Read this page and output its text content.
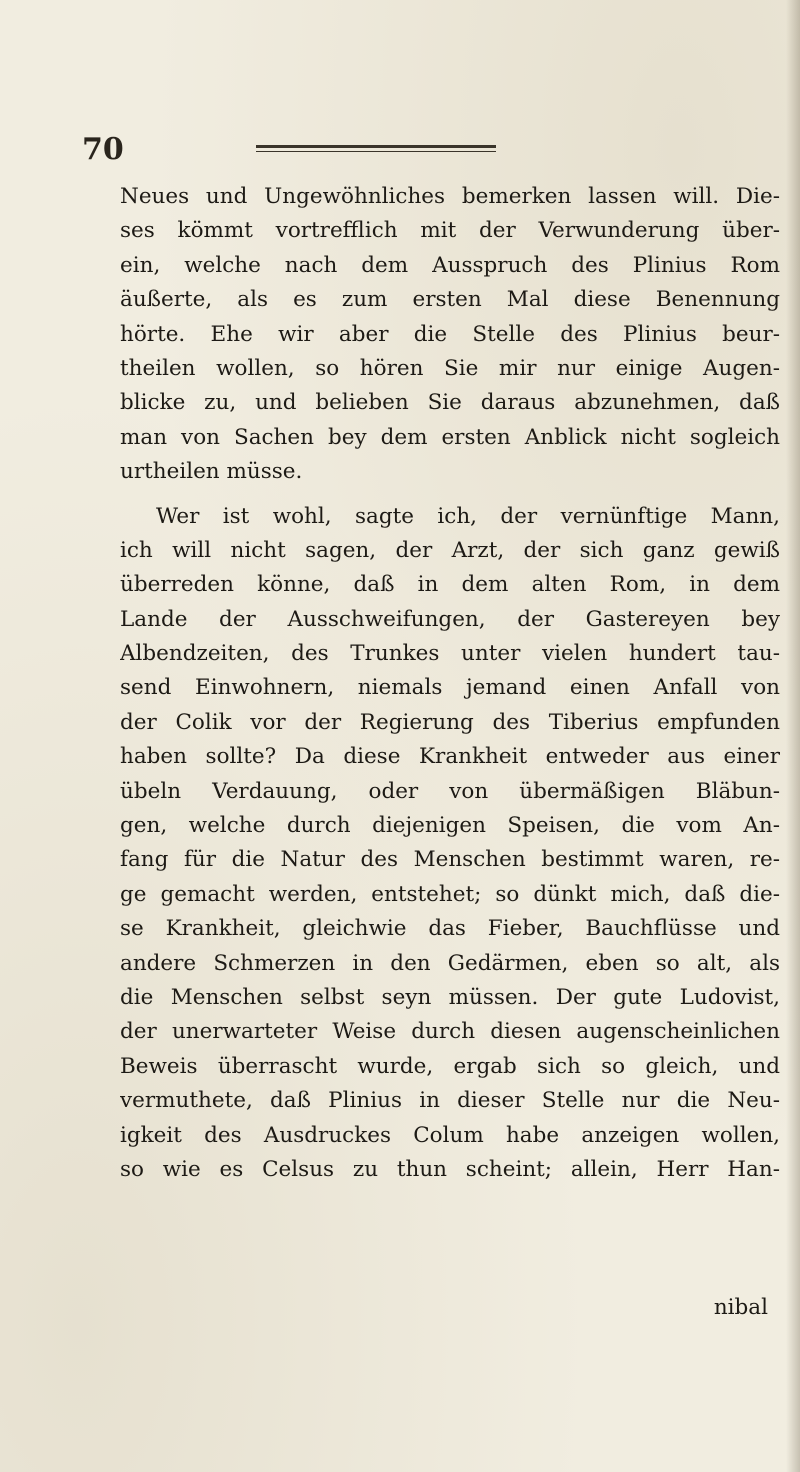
70
Neues und Ungewöhnliches bemerken lassen will. Die-
ses kömmt vortrefflich mit der Verwunderung über-
ein, welche nach dem Ausspruch des Plinius Rom
äußerte, als es zum ersten Mal diese Benennung
hörte. Ehe wir aber die Stelle des Plinius beur-
theilen wollen, so hören Sie mir nur einige Augen-
blicke zu, und belieben Sie daraus abzunehmen, daß
man von Sachen bey dem ersten Anblick nicht sogleich
urtheilen müsse.
Wer ist wohl, sagte ich, der vernünftige Mann,
ich will nicht sagen, der Arzt, der sich ganz gewiß
überreden könne, daß in dem alten Rom, in dem
Lande der Ausschweifungen, der Gastereyen bey
Albendzeiten, des Trunkes unter vielen hundert tau-
send Einwohnern, niemals jemand einen Anfall von
der Colik vor der Regierung des Tiberius empfunden
haben sollte? Da diese Krankheit entweder aus einer
übeln Verdauung, oder von übermäßigen Bläbun-
gen, welche durch diejenigen Speisen, die vom An-
fang für die Natur des Menschen bestimmt waren, re-
ge gemacht werden, entstehet; so dünkt mich, daß die-
se Krankheit, gleichwie das Fieber, Bauchflüsse und
andere Schmerzen in den Gedärmen, eben so alt, als
die Menschen selbst seyn müssen. Der gute Ludovist,
der unerwarteter Weise durch diesen augenscheinlichen
Beweis überrascht wurde, ergab sich so gleich, und
vermuthete, daß Plinius in dieser Stelle nur die Neu-
igkeit des Ausdruckes Colum habe anzeigen wollen,
so wie es Celsus zu thun scheint; allein, Herr Han-
nibal
